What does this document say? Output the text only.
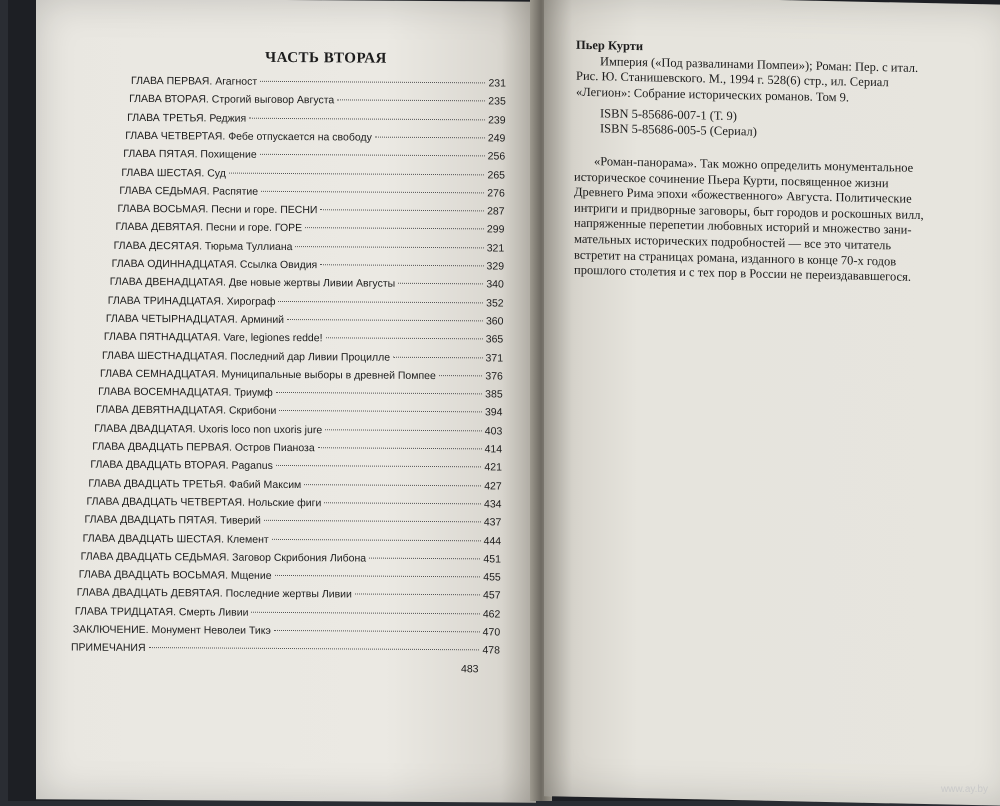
ЧАСТЬ ВТОРАЯ
ГЛАВА ПЕРВАЯ. Агагност	231
ГЛАВА ВТОРАЯ. Строгий выговор Августа	235
ГЛАВА ТРЕТЬЯ. Реджия	239
ГЛАВА ЧЕТВЕРТАЯ. Фебе отпускается на свободу	249
ГЛАВА ПЯТАЯ. Похищение	256
ГЛАВА ШЕСТАЯ. Суд	265
ГЛАВА СЕДЬМАЯ. Распятие	276
ГЛАВА ВОСЬМАЯ. Песни и горе. ПЕСНИ	287
ГЛАВА ДЕВЯТАЯ. Песни и горе. ГОРЕ	299
ГЛАВА ДЕСЯТАЯ. Тюрьма Туллиана	321
ГЛАВА ОДИННАДЦАТАЯ. Ссылка Овидия	329
ГЛАВА ДВЕНАДЦАТАЯ. Две новые жертвы Ливии Августы	340
ГЛАВА ТРИНАДЦАТАЯ. Хирограф	352
ГЛАВА ЧЕТЫРНАДЦАТАЯ. Арминий	360
ГЛАВА ПЯТНАДЦАТАЯ. Vare, legiones redde!	365
ГЛАВА ШЕСТНАДЦАТАЯ. Последний дар Ливии Процилле	371
ГЛАВА СЕМНАДЦАТАЯ. Муниципальные выборы в древней Помпее	376
ГЛАВА ВОСЕМНАДЦАТАЯ. Триумф	385
ГЛАВА ДЕВЯТНАДЦАТАЯ. Скрибони	394
ГЛАВА ДВАДЦАТАЯ. Uxoris loco non uxoris jure	403
ГЛАВА ДВАДЦАТЬ ПЕРВАЯ. Остров Пианоза	414
ГЛАВА ДВАДЦАТЬ ВТОРАЯ. Paganus	421
ГЛАВА ДВАДЦАТЬ ТРЕТЬЯ. Фабий Максим	427
ГЛАВА ДВАДЦАТЬ ЧЕТВЕРТАЯ. Нольские фиги	434
ГЛАВА ДВАДЦАТЬ ПЯТАЯ. Тиверий	437
ГЛАВА ДВАДЦАТЬ ШЕСТАЯ. Клемент	444
ГЛАВА ДВАДЦАТЬ СЕДЬМАЯ. Заговор Скрибония Либона	451
ГЛАВА ДВАДЦАТЬ ВОСЬМАЯ. Мщение	455
ГЛАВА ДВАДЦАТЬ ДЕВЯТАЯ. Последние жертвы Ливии	457
ГЛАВА ТРИДЦАТАЯ. Смерть Ливии	462
ЗАКЛЮЧЕНИЕ. Монумент Неволеи Тикэ	470
ПРИМЕЧАНИЯ	478
483
Пьер Курти
Империя («Под развалинами Помпеи»); Роман: Пер. с итал.
Рис. Ю. Станишевского. М., 1994 г. 528(6) стр., ил. Сериал
«Легион»: Собрание исторических романов. Том 9.
ISBN 5-85686-007-1 (Т. 9)
ISBN 5-85686-005-5 (Сериал)
«Роман-панорама». Так можно определить монументальное
историческое сочинение Пьера Курти, посвященное жизни
Древнего Рима эпохи «божественного» Августа. Политические
интриги и придворные заговоры, быт городов и роскошных вилл,
напряженные перепетии любовных историй и множество зани-
мательных исторических подробностей — все это читатель
встретит на страницах романа, изданного в конце 70-х годов
прошлого столетия и с тех пор в России не переиздававшегося.
www.ay.by
